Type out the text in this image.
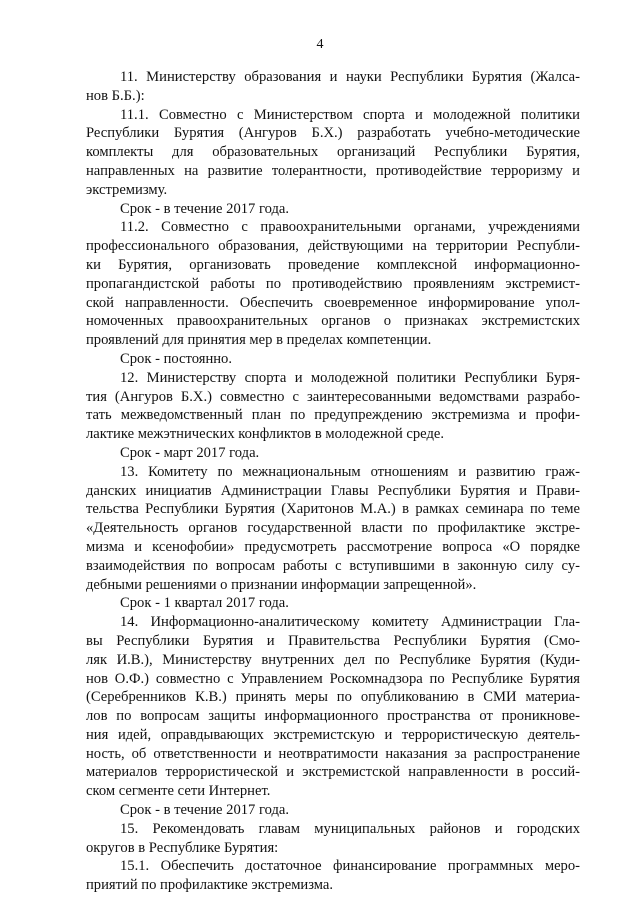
4

11. Министерству образования и науки Республики Бурятия (Жалса-

нов Б.Б.):

11.1. Совместно с Министерством спорта и молодежной политики

Республики Бурятия (Ангуров Б.Х.) разработать учебно-методические

комплекты для образовательных организаций Республики Бурятия,

направленных на развитие толерантности, противодействие терроризму и

экстремизму.

Срок - в течение 2017 года.

11.2. Совместно с правоохранительными органами, учреждениями

профессионального образования, действующими на территории Республи-

ки Бурятия, организовать проведение комплексной информационно-

пропагандистской работы по противодействию проявлениям экстремист-

ской направленности. Обеспечить своевременное информирование упол-

номоченных правоохранительных органов о признаках экстремистских

проявлений для принятия мер в пределах компетенции.

Срок - постоянно.

12. Министерству спорта и молодежной политики Республики Буря-

тия (Ангуров Б.Х.) совместно с заинтересованными ведомствами разрабо-

тать межведомственный план по предупреждению экстремизма и профи-

лактике межэтнических конфликтов в молодежной среде.

Срок - март 2017 года.

13. Комитету по межнациональным отношениям и развитию граж-

данских инициатив Администрации Главы Республики Бурятия и Прави-

тельства Республики Бурятия (Харитонов М.А.) в рамках семинара по теме

«Деятельность органов государственной власти по профилактике экстре-

мизма и ксенофобии» предусмотреть рассмотрение вопроса «О порядке

взаимодействия по вопросам работы с вступившими в законную силу су-

дебными решениями о признании информации запрещенной».

Срок - 1 квартал 2017 года.

14. Информационно-аналитическому комитету Администрации Гла-

вы Республики Бурятия и Правительства Республики Бурятия (Смо-

ляк И.В.), Министерству внутренних дел по Республике Бурятия (Куди-

нов О.Ф.) совместно с Управлением Роскомнадзора по Республике Бурятия

(Серебренников К.В.) принять меры по опубликованию в СМИ материа-

лов по вопросам защиты информационного пространства от проникнове-

ния идей, оправдывающих экстремистскую и террористическую деятель-

ность, об ответственности и неотвратимости наказания за распространение

материалов террористической и экстремистской направленности в россий-

ском сегменте сети Интернет.

Срок - в течение 2017 года.

15. Рекомендовать главам муниципальных районов и городских

округов в Республике Бурятия:

15.1. Обеспечить достаточное финансирование программных меро-

приятий по профилактике экстремизма.
